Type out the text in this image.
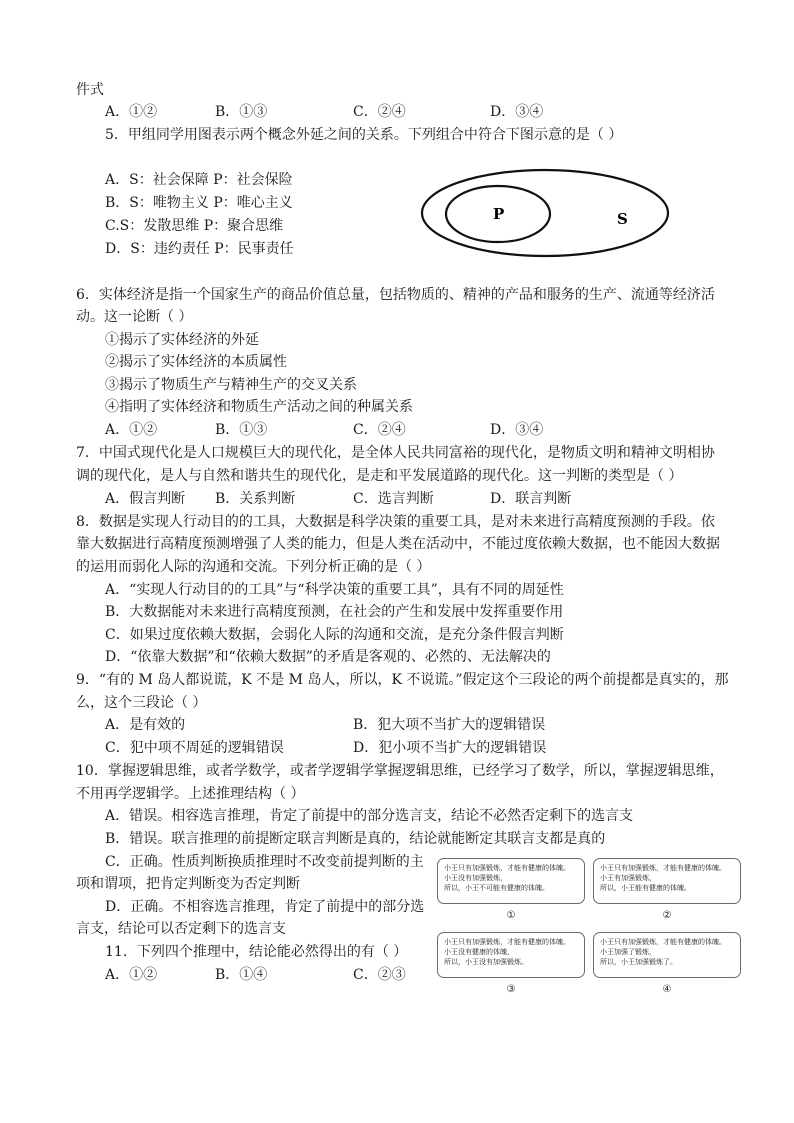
件式
A．①②	B．①③	C．②④	D．③④
5．甲组同学用图表示两个概念外延之间的关系。下列组合中符合下图示意的是（ ）
A．S：社会保障 P：社会保险
B．S：唯物主义 P：唯心主义
C.S：发散思维 P：聚合思维
D．S：违约责任 P：民事责任
P	S
6．实体经济是指一个国家生产的商品价值总量，包括物质的、精神的产品和服务的生产、流通等经济活
动。这一论断（ ）
①揭示了实体经济的外延
②揭示了实体经济的本质属性
③揭示了物质生产与精神生产的交叉关系
④指明了实体经济和物质生产活动之间的种属关系
A．①②	B．①③	C．②④	D．③④
7．中国式现代化是人口规模巨大的现代化，是全体人民共同富裕的现代化，是物质文明和精神文明相协
调的现代化，是人与自然和谐共生的现代化，是走和平发展道路的现代化。这一判断的类型是（ ）
A．假言判断 B．关系判断	C．选言判断	D．联言判断
8．数据是实现人行动目的的工具，大数据是科学决策的重要工具，是对未来进行高精度预测的手段。依
靠大数据进行高精度预测增强了人类的能力，但是人类在活动中，不能过度依赖大数据，也不能因大数据
的运用而弱化人际的沟通和交流。下列分析正确的是（ ）
A．“实现人行动目的的工具”与“科学决策的重要工具”，具有不同的周延性
B．大数据能对未来进行高精度预测，在社会的产生和发展中发挥重要作用
C．如果过度依赖大数据，会弱化人际的沟通和交流，是充分条件假言判断
D．“依靠大数据”和“依赖大数据”的矛盾是客观的、必然的、无法解决的
9．“有的 M 岛人都说谎，K 不是 M 岛人，所以，K 不说谎。”假定这个三段论的两个前提都是真实的，那
么，这个三段论（ ）
A．是有效的	B．犯大项不当扩大的逻辑错误
C．犯中项不周延的逻辑错误	D．犯小项不当扩大的逻辑错误
10．掌握逻辑思维，或者学数学，或者学逻辑学掌握逻辑思维，已经学习了数学，所以，掌握逻辑思维，
不用再学逻辑学。上述推理结构（ ）
A．错误。相容选言推理，肯定了前提中的部分选言支，结论不必然否定剩下的选言支
B．错误。联言推理的前提断定联言判断是真的，结论就能断定其联言支都是真的
C．正确。性质判断换质推理时不改变前提判断的主
项和谓项，把肯定判断变为否定判断
D．正确。不相容选言推理，肯定了前提中的部分选
言支，结论可以否定剩下的选言支
11．下列四个推理中，结论能必然得出的有（ ）
A．①②	B．①④	C．②③
小王只有加强锻炼，才能有健康的体魄。
小王没有加强锻炼，
所以，小王不可能有健康的体魄。
①
小王只有加强锻炼，才能有健康的体魄。
小王有加强锻炼，
所以，小王能有健康的体魄。
②
小王只有加强锻炼，才能有健康的体魄。
小王没有健康的体魄，
所以，小王没有加强锻炼。
③
小王只有加强锻炼，才能有健康的体魄。
小王加强了锻炼，
所以，小王加强锻炼了。
④
